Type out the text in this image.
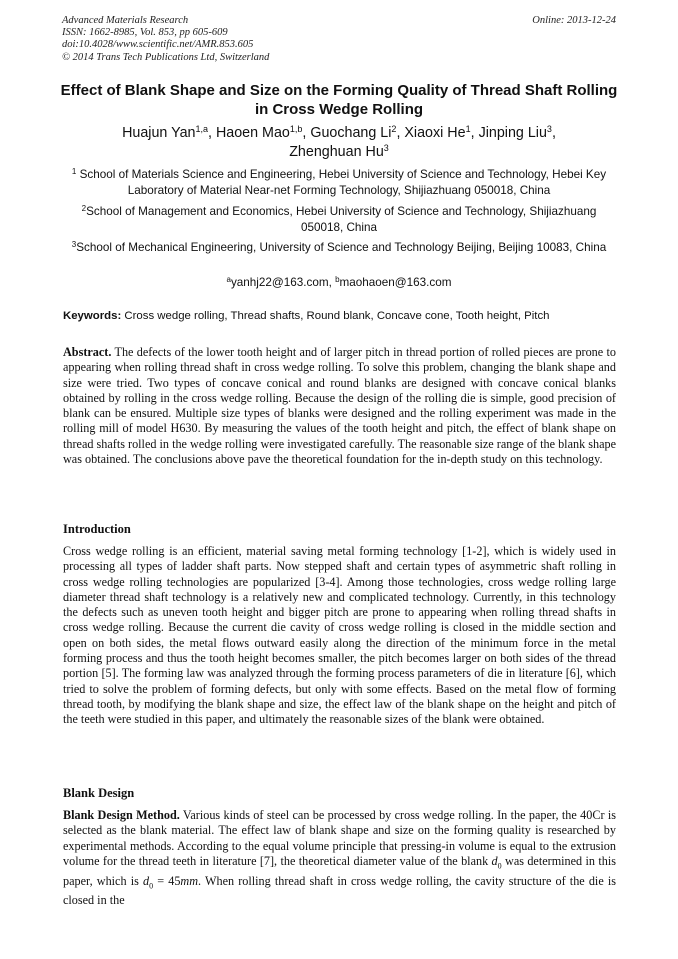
Advanced Materials Research
ISSN: 1662-8985, Vol. 853, pp 605-609
doi:10.4028/www.scientific.net/AMR.853.605
© 2014 Trans Tech Publications Ltd, Switzerland
Online: 2013-12-24
Effect of Blank Shape and Size on the Forming Quality of Thread Shaft Rolling in Cross Wedge Rolling
Huajun Yan$^{1,a}$, Haoen Mao$^{1,b}$, Guochang Li$^2$, Xiaoxi He$^1$, Jinping Liu$^3$,
Zhenghuan Hu$^3$
$^1$ School of Materials Science and Engineering, Hebei University of Science and Technology, Hebei Key Laboratory of Material Near-net Forming Technology, Shijiazhuang 050018, China
$^2$School of Management and Economics, Hebei University of Science and Technology, Shijiazhuang 050018, China
$^3$School of Mechanical Engineering, University of Science and Technology Beijing, Beijing 10083, China
$^a$yanhj22@163.com, $^b$maohaoen@163.com
Keywords: Cross wedge rolling, Thread shafts, Round blank, Concave cone, Tooth height, Pitch
Abstract. The defects of the lower tooth height and of larger pitch in thread portion of rolled pieces are prone to appearing when rolling thread shaft in cross wedge rolling. To solve this problem, changing the blank shape and size were tried. Two types of concave conical and round blanks are designed with concave conical blanks obtained by rolling in the cross wedge rolling. Because the design of the rolling die is simple, good precision of blank can be ensured. Multiple size types of blanks were designed and the rolling experiment was made in the rolling mill of model H630. By measuring the values of the tooth height and pitch, the effect of blank shape on thread shafts rolled in the wedge rolling were investigated carefully. The reasonable size range of the blank shape was obtained. The conclusions above pave the theoretical foundation for the in-depth study on this technology.
Introduction
Cross wedge rolling is an efficient, material saving metal forming technology [1-2], which is widely used in processing all types of ladder shaft parts. Now stepped shaft and certain types of asymmetric shaft rolling in cross wedge rolling technologies are popularized [3-4]. Among those technologies, cross wedge rolling large diameter thread shaft technology is a relatively new and complicated technology. Currently, in this technology the defects such as uneven tooth height and bigger pitch are prone to appearing when rolling thread shafts in cross wedge rolling. Because the current die cavity of cross wedge rolling is closed in the middle section and open on both sides, the metal flows outward easily along the direction of the minimum force in the metal forming process and thus the tooth height becomes smaller, the pitch becomes larger on both sides of the thread portion [5]. The forming law was analyzed through the forming process parameters of die in literature [6], which tried to solve the problem of forming defects, but only with some effects. Based on the metal flow of forming thread tooth, by modifying the blank shape and size, the effect law of the blank shape on the height and pitch of the teeth were studied in this paper, and ultimately the reasonable sizes of the blank were obtained.
Blank Design
Blank Design Method. Various kinds of steel can be processed by cross wedge rolling. In the paper, the 40Cr is selected as the blank material. The effect law of blank shape and size on the forming quality is researched by experimental methods. According to the equal volume principle that pressing-in volume is equal to the extrusion volume for the thread teeth in literature [7], the theoretical diameter value of the blank $d_0$ was determined in this paper, which is $d_0 = 45mm$. When rolling thread shaft in cross wedge rolling, the cavity structure of the die is closed in the
